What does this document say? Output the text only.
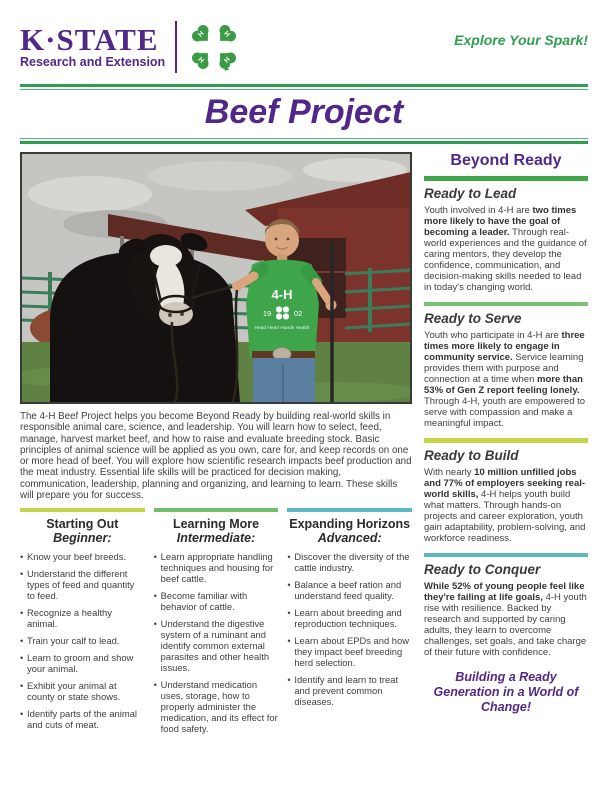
K·STATE
Research and Extension
H
H
H
H	Explore Your Spark!
Beef Project
4-H
19	02
Head Heart Hands Health

The 4-H Beef Project helps you become Beyond Ready by building real-world skills in responsible animal care, science, and leadership. You will learn how to select, feed, manage, harvest market beef, and how to raise and evaluate breeding stock. Basic principles of animal science will be applied as you own, care for, and keep records on one or more head of beef. You will explore how scientific research impacts beef production and the meat industry. Essential life skills will be practiced for decision making, communication, leadership, planning and organizing, and learning to learn. These skills will prepare you for success.

Starting Out
Beginner:
• Know your beef breeds.
• Understand the different types of feed and quantity to feed.
• Recognize a healthy animal.
• Train your calf to lead.
• Learn to groom and show your animal.
• Exhibit your animal at county or state shows.
• Identify parts of the animal and cuts of meat.
Learning More
Intermediate:
• Learn appropriate handling techniques and housing for beef cattle.
• Become familiar with behavior of cattle.
• Understand the digestive system of a ruminant and identify common external parasites and other health issues.
• Understand medication uses, storage, how to properly administer the medication, and its effect for food safety.
Expanding Horizons
Advanced:
• Discover the diversity of the cattle industry.
• Balance a beef ration and understand feed quality.
• Learn about breeding and reproduction techniques.
• Learn about EPDs and how they impact beef breeding herd selection.
• Identify and learn to treat and prevent common diseases.
Beyond Ready
Ready to Lead

Youth involved in 4-H are two times more likely to have the goal of becoming a leader. Through real-world experiences and the guidance of caring mentors, they develop the confidence, communication, and decision-making skills needed to lead in today's changing world.

Ready to Serve

Youth who participate in 4-H are three times more likely to engage in community service. Service learning provides them with purpose and connection at a time when more than 53% of Gen Z report feeling lonely. Through 4-H, youth are empowered to serve with compassion and make a meaningful impact.

Ready to Build

With nearly 10 million unfilled jobs and 77% of employers seeking real-world skills, 4-H helps youth build what matters. Through hands-on projects and career exploration, youth gain adaptability, problem-solving, and workforce readiness.

Ready to Conquer

While 52% of young people feel like they're failing at life goals, 4-H youth rise with resilience. Backed by research and supported by caring adults, they learn to overcome challenges, set goals, and take charge of their future with confidence.

Building a Ready Generation in a World of Change!
